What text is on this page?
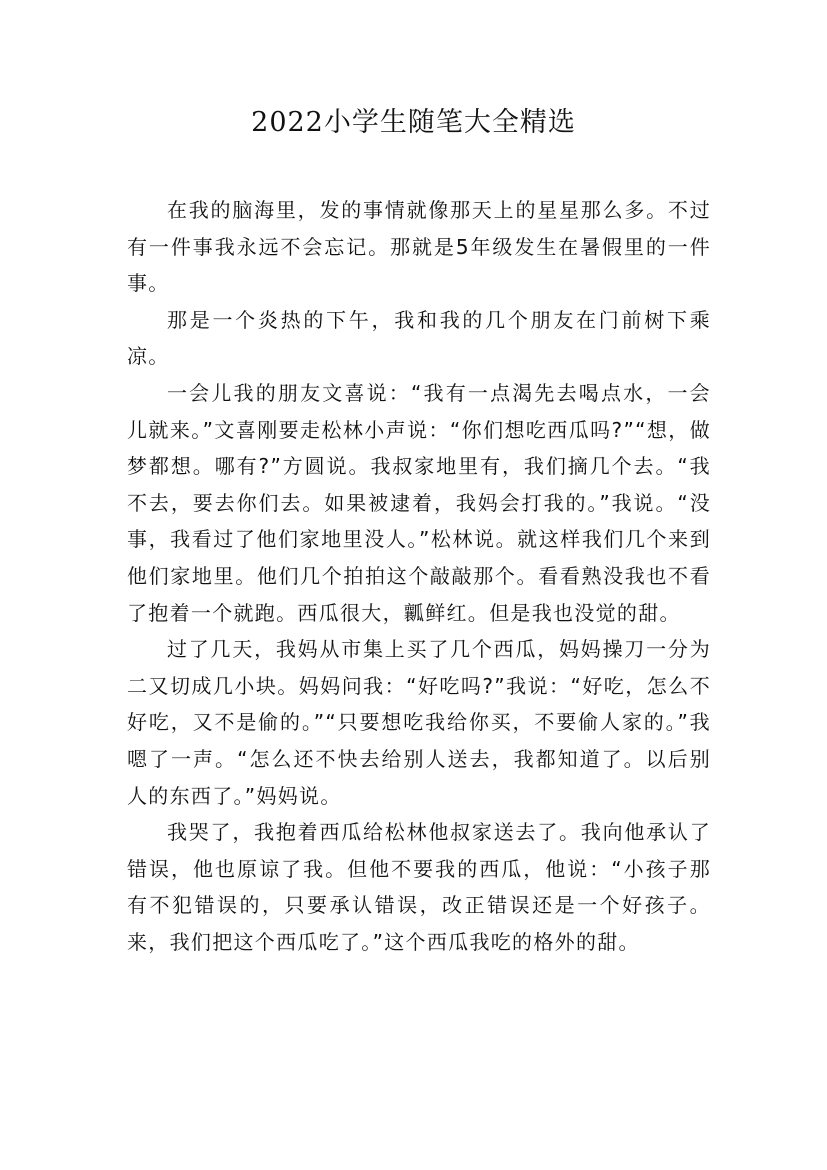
2022小学生随笔大全精选

在我的脑海里，发的事情就像那天上的星星那么多。不过有一件事我永远不会忘记。那就是5年级发生在暑假里的一件事。

那是一个炎热的下午，我和我的几个朋友在门前树下乘凉。

一会儿我的朋友文喜说：“我有一点渴先去喝点水，一会儿就来。”文喜刚要走松林小声说：“你们想吃西瓜吗?”“想，做梦都想。哪有?”方圆说。我叔家地里有，我们摘几个去。“我不去，要去你们去。如果被逮着，我妈会打我的。”我说。“没事，我看过了他们家地里没人。”松林说。就这样我们几个来到他们家地里。他们几个拍拍这个敲敲那个。看看熟没我也不看了抱着一个就跑。西瓜很大，瓤鲜红。但是我也没觉的甜。

过了几天，我妈从市集上买了几个西瓜，妈妈操刀一分为二又切成几小块。妈妈问我：“好吃吗?”我说：“好吃，怎么不好吃，又不是偷的。”“只要想吃我给你买，不要偷人家的。”我嗯了一声。“怎么还不快去给别人送去，我都知道了。以后别人的东西了。”妈妈说。

我哭了，我抱着西瓜给松林他叔家送去了。我向他承认了错误，他也原谅了我。但他不要我的西瓜，他说：“小孩子那有不犯错误的，只要承认错误，改正错误还是一个好孩子。来，我们把这个西瓜吃了。”这个西瓜我吃的格外的甜。
